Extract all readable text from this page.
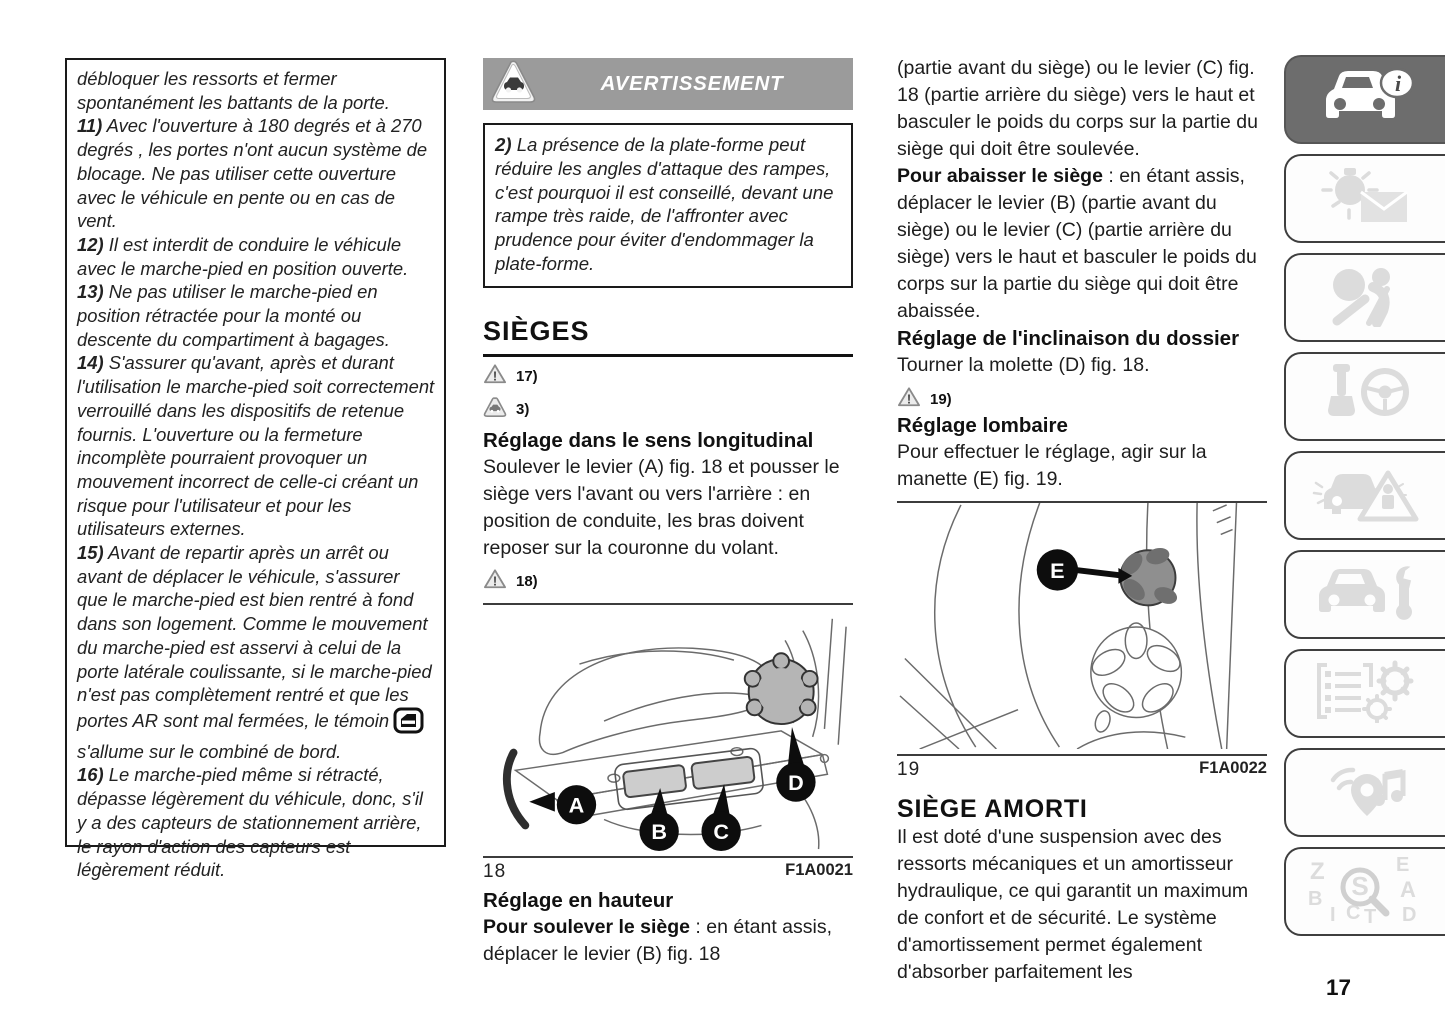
débloquer les ressorts et fermer spontanément les battants de la porte.

11) Avec l'ouverture à 180 degrés et à 270 degrés , les portes n'ont aucun système de blocage. Ne pas utiliser cette ouverture avec le véhicule en pente ou en cas de vent.

12) Il est interdit de conduire le véhicule avec le marche-pied en position ouverte.

13) Ne pas utiliser le marche-pied en position rétractée pour la monté ou descente du compartiment à bagages.

14) S'assurer qu'avant, après et durant l'utilisation le marche-pied soit correctement verrouillé dans les dispositifs de retenue fournis. L'ouverture ou la fermeture incomplète pourraient provoquer un mouvement incorrect de celle-ci créant un risque pour l'utilisateur et pour les utilisateurs externes.

15) Avant de repartir après un arrêt ou avant de déplacer le véhicule, s'assurer que le marche-pied est bien rentré à fond dans son logement. Comme le mouvement du marche-pied est asservi à celui de la porte latérale coulissante, si le marche-pied n'est pas complètement rentré et que les portes AR sont mal fermées, le témoins'allume sur le combiné de bord.

16) Le marche-pied même si rétracté, dépasse légèrement du véhicule, donc, s'il y a des capteurs de stationnement arrière, le rayon d'action des capteurs est légèrement réduit.

AVERTISSEMENT
2) La présence de la plate-forme peut réduire les angles d'attaque des rampes, c'est pourquoi il est conseillé, devant une rampe très raide, de l'affronter avec prudence pour éviter d'endommager la plate-forme.
SIÈGES
! 17)
3)
Réglage dans le sens longitudinal
Soulever le levier (A) fig. 18 et pousser le siège vers l'avant ou vers l'arrière : en position de conduite, les bras doivent reposer sur la couronne du volant.
! 18)
A
B C
D
18	F1A0021
Réglage en hauteur

Pour soulever le siège : en étant assis, déplacer le levier (B) fig. 18

(partie avant du siège) ou le levier (C) fig. 18 (partie arrière du siège) vers le haut et basculer le poids du corps sur la partie du siège qui doit être soulevée.

Pour abaisser le siège : en étant assis, déplacer le levier (B) (partie avant du siège) ou le levier (C) (partie arrière du siège) vers le haut et basculer le poids du corps sur la partie du siège qui doit être abaissée.

Réglage de l'inclinaison du dossier
Tourner la molette (D) fig. 18.
! 19)
Réglage lombaire
Pour effectuer le réglage, agir sur la manette (E) fig. 19.
E
19	F1A0022
SIÈGE AMORTI
Il est doté d'une suspension avec des ressorts mécaniques et un amortisseur hydraulique, ce qui garantit un maximum de confort et de sécurité. Le système d'amortissement permet également d'absorber parfaitement les
i
Z	E
B	A
I C T D
S
17
